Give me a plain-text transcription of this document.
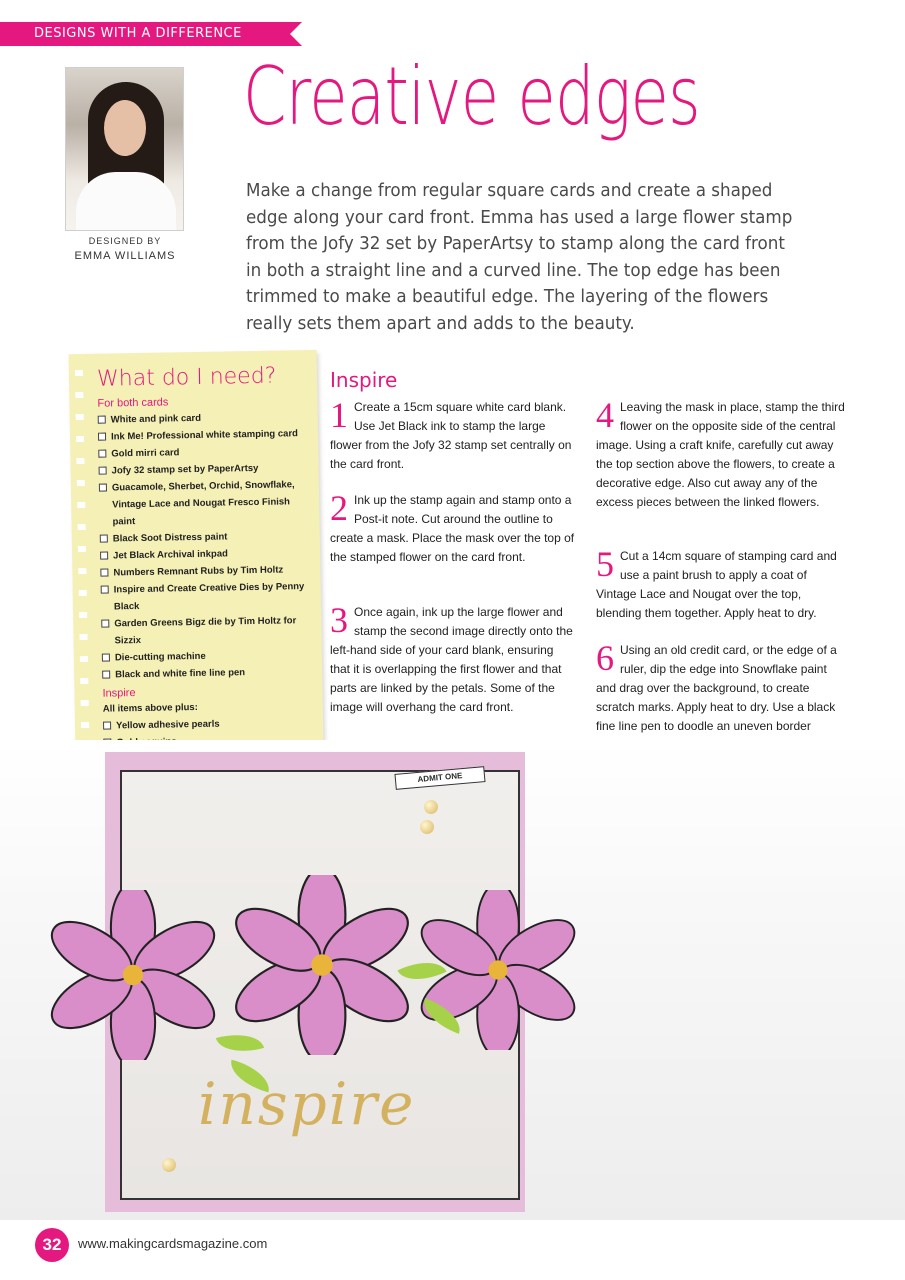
DESIGNS WITH A DIFFERENCE
DESIGNED BY
EMMA WILLIAMS
Creative edges
Make a change from regular square cards and create a shaped edge along your card front. Emma has used a large flower stamp from the Jofy 32 set by PaperArtsy to stamp along the card front in both a straight line and a curved line. The top edge has been trimmed to make a beautiful edge. The layering of the flowers really sets them apart and adds to the beauty.
What do I need?
For both cards
White and pink card
Ink Me! Professional white stamping card
Gold mirri card
Jofy 32 stamp set by PaperArtsy
Guacamole, Sherbet, Orchid, Snowflake, Vintage Lace and Nougat Fresco Finish paint
Black Soot Distress paint
Jet Black Archival inkpad
Numbers Remnant Rubs by Tim Holtz
Inspire and Create Creative Dies by Penny Black
Garden Greens Bigz die by Tim Holtz for Sizzix
Die-cutting machine
Black and white fine line pen
Inspire
All items above plus:
Yellow adhesive pearls
Inspire
1 Create a 15cm square white card blank. Use Jet Black ink to stamp the large flower from the Jofy 32 stamp set centrally on the card front.
2 Ink up the stamp again and stamp onto a Post-it note. Cut around the outline to create a mask. Place the mask over the top of the stamped flower on the card front.
3 Once again, ink up the large flower and stamp the second image directly onto the left-hand side of your card blank, ensuring that it is overlapping the first flower and that parts are linked by the petals. Some of the image will overhang the card front.
4 Leaving the mask in place, stamp the third flower on the opposite side of the central image. Using a craft knife, carefully cut away the top section above the flowers, to create a decorative edge. Also cut away any of the excess pieces between the linked flowers.
5 Cut a 14cm square of stamping card and use a paint brush to apply a coat of Vintage Lace and Nougat over the top, blending them together. Apply heat to dry.
6 Using an old credit card, or the edge of a ruler, dip the edge into Snowflake paint and drag over the background, to create scratch marks. Apply heat to dry. Use a black fine line pen to doodle an uneven border
ADMIT ONE
inspire
32	www.makingcardsmagazine.com
